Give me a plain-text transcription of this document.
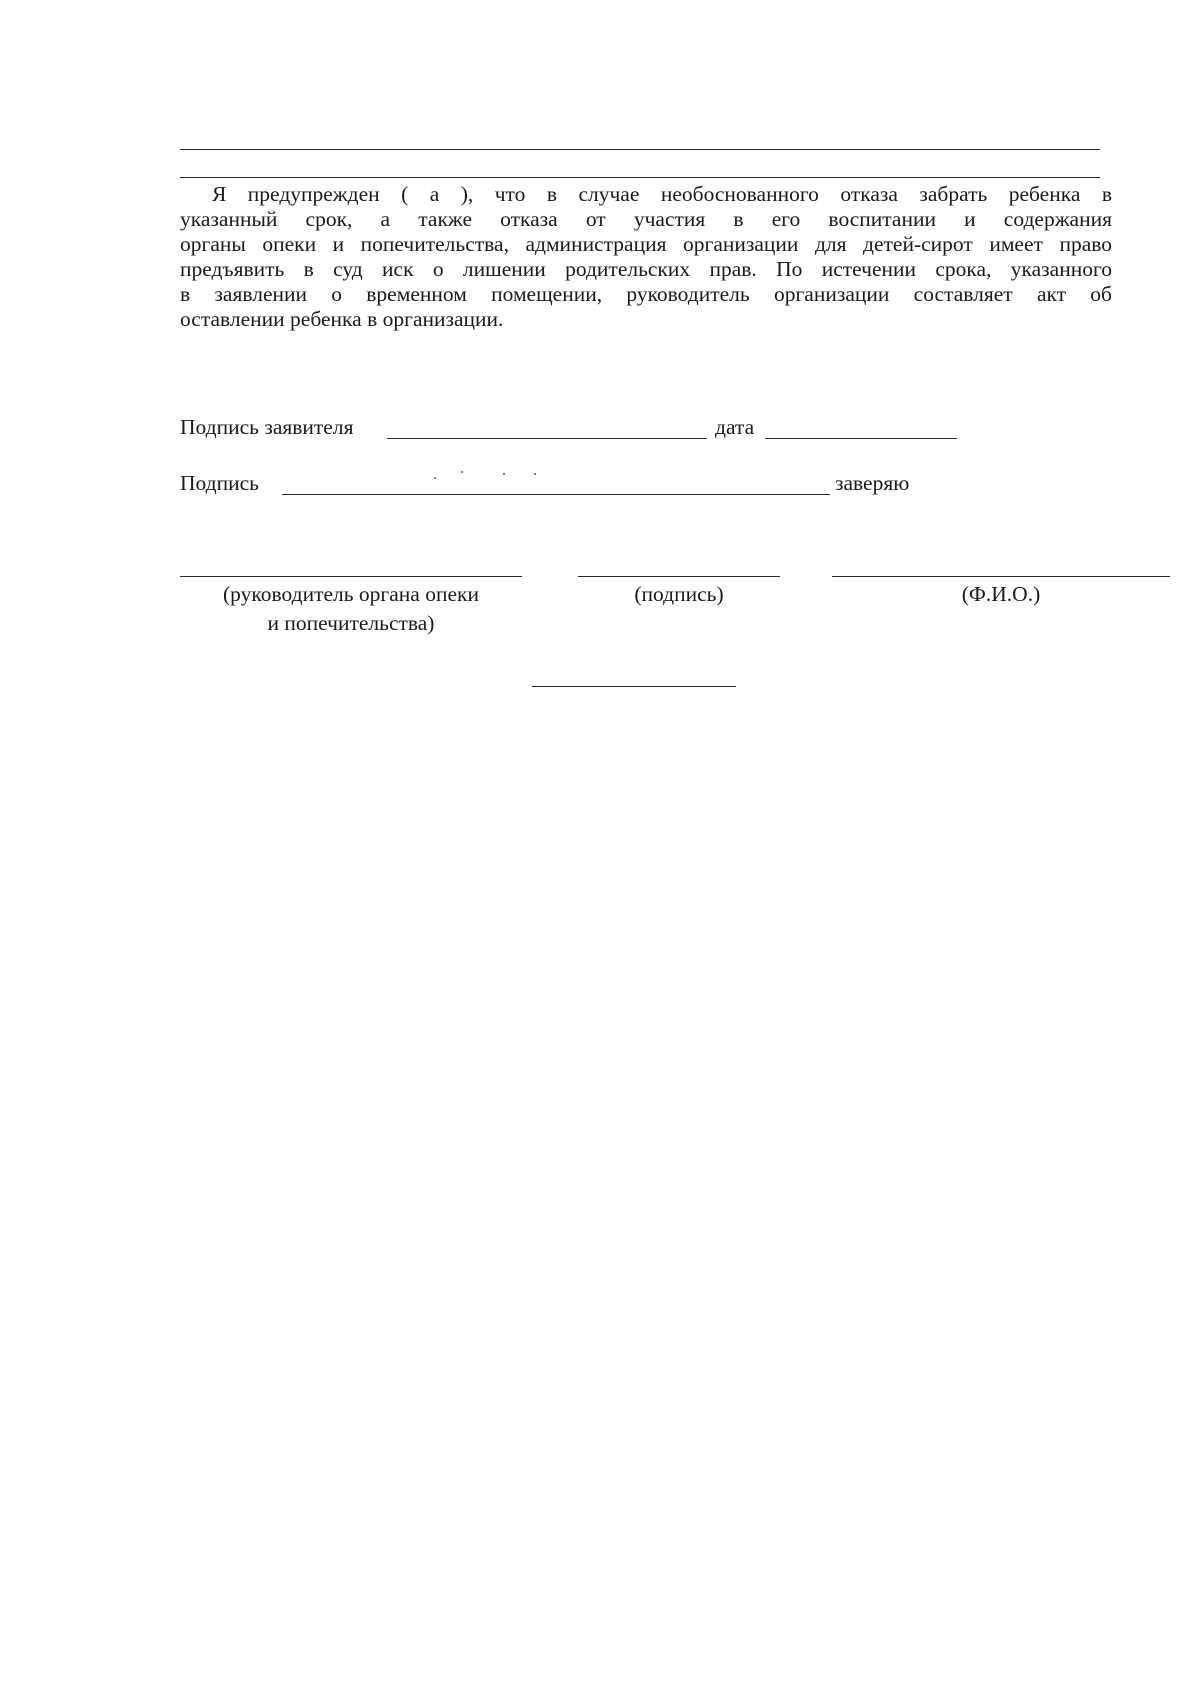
Я предупрежден ( а ), что в случае необоснованного отказа забрать ребенка в
указанный срок, а также отказа от участия в его воспитании и содержания
органы опеки и попечительства, администрация организации для детей-сирот имеет право
предъявить в суд иск о лишении родительских прав. По истечении срока, указанного
в заявлении о временном помещении, руководитель организации составляет акт об
оставлении ребенка в организации.
Подпись заявителя	дата
Подпись	заверяю
(руководитель органа опеки
и попечительства)
(подпись)	(Ф.И.О.)
